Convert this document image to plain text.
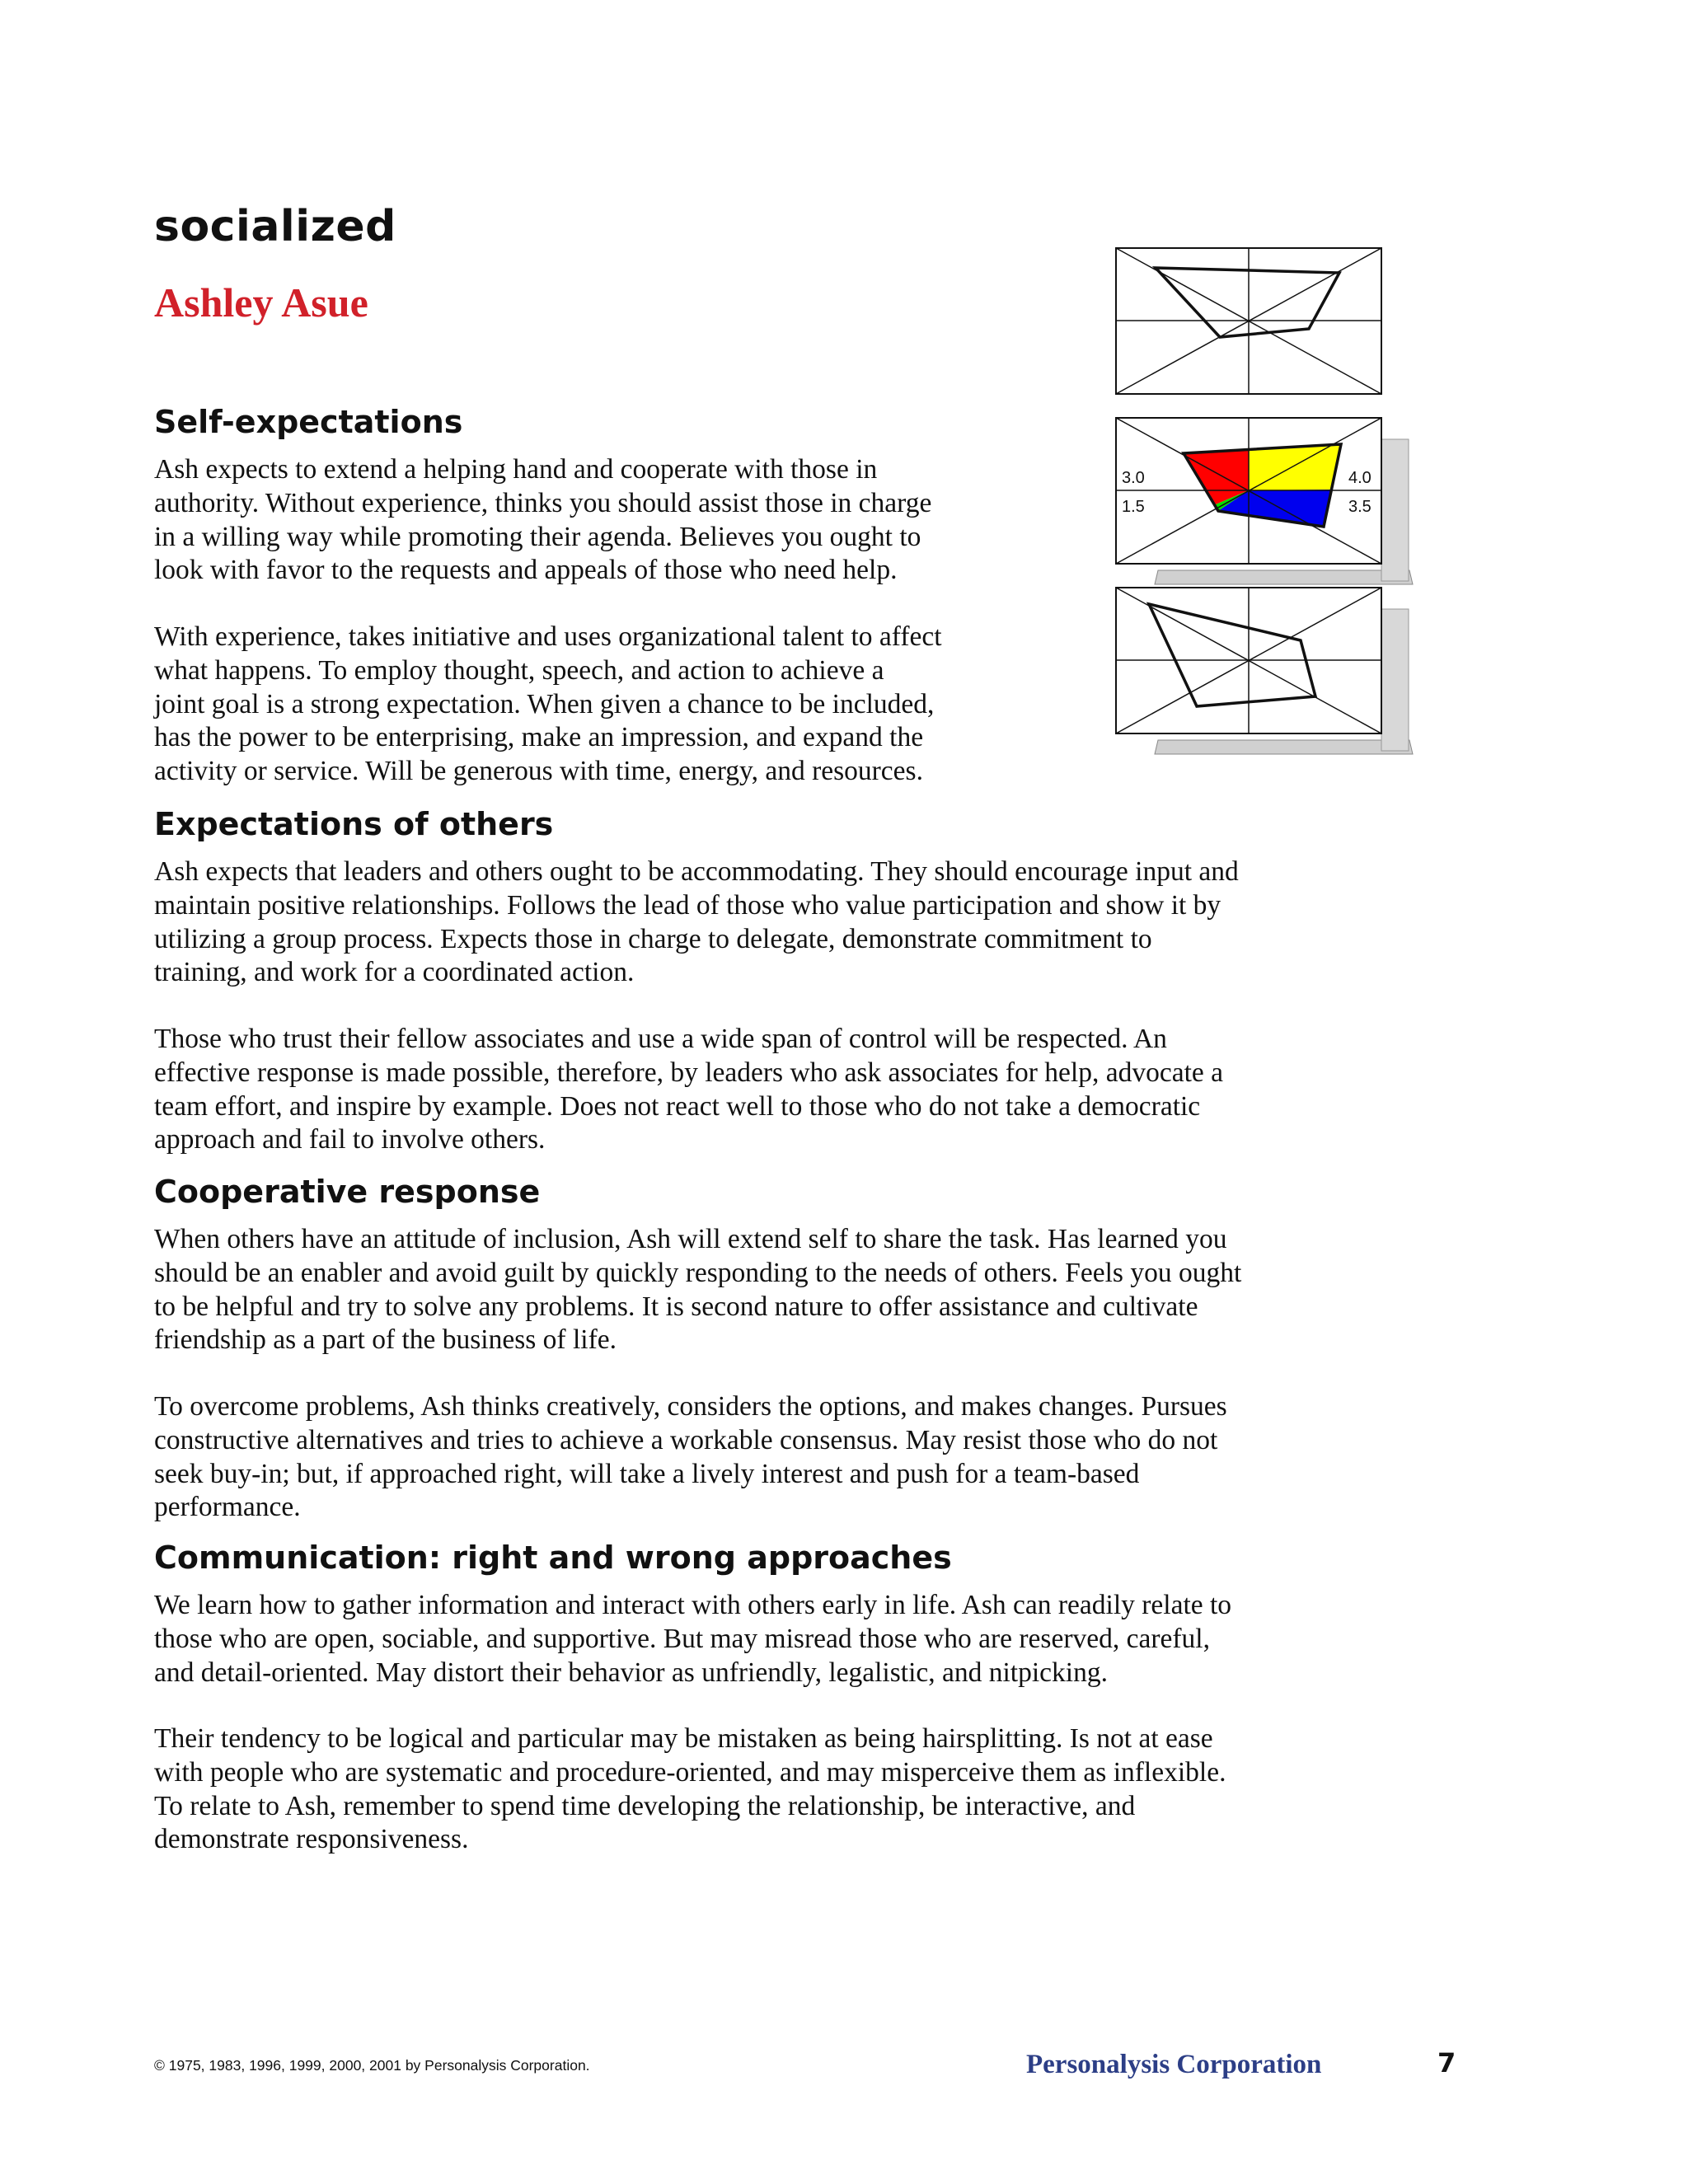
socialized
Ashley Asue
3.0
1.5
4.0
3.5
Self-expectations
Ash expects to extend a helping hand and cooperate with those in
authority. Without experience, thinks you should assist those in charge
in a willing way while promoting their agenda. Believes you ought to
look with favor to the requests and appeals of those who need help.
With experience, takes initiative and uses organizational talent to affect
what happens. To employ thought, speech, and action to achieve a
joint goal is a strong expectation. When given a chance to be included,
has the power to be enterprising, make an impression, and expand the
activity or service. Will be generous with time, energy, and resources.
Expectations of others
Ash expects that leaders and others ought to be accommodating. They should encourage input and
maintain positive relationships. Follows the lead of those who value participation and show it by
utilizing a group process. Expects those in charge to delegate, demonstrate commitment to
training, and work for a coordinated action.
Those who trust their fellow associates and use a wide span of control will be respected. An
effective response is made possible, therefore, by leaders who ask associates for help, advocate a
team effort, and inspire by example. Does not react well to those who do not take a democratic
approach and fail to involve others.
Cooperative response
When others have an attitude of inclusion, Ash will extend self to share the task. Has learned you
should be an enabler and avoid guilt by quickly responding to the needs of others. Feels you ought
to be helpful and try to solve any problems. It is second nature to offer assistance and cultivate
friendship as a part of the business of life.
To overcome problems, Ash thinks creatively, considers the options, and makes changes. Pursues
constructive alternatives and tries to achieve a workable consensus. May resist those who do not
seek buy-in; but, if approached right, will take a lively interest and push for a team-based
performance.
Communication: right and wrong approaches
We learn how to gather information and interact with others early in life. Ash can readily relate to
those who are open, sociable, and supportive. But may misread those who are reserved, careful,
and detail-oriented. May distort their behavior as unfriendly, legalistic, and nitpicking.
Their tendency to be logical and particular may be mistaken as being hairsplitting. Is not at ease
with people who are systematic and procedure-oriented, and may misperceive them as inflexible.
To relate to Ash, remember to spend time developing the relationship, be interactive, and
demonstrate responsiveness.

© 1975, 1983, 1996, 1999, 2000, 2001 by Personalysis Corporation.	Personalysis Corporation	7
